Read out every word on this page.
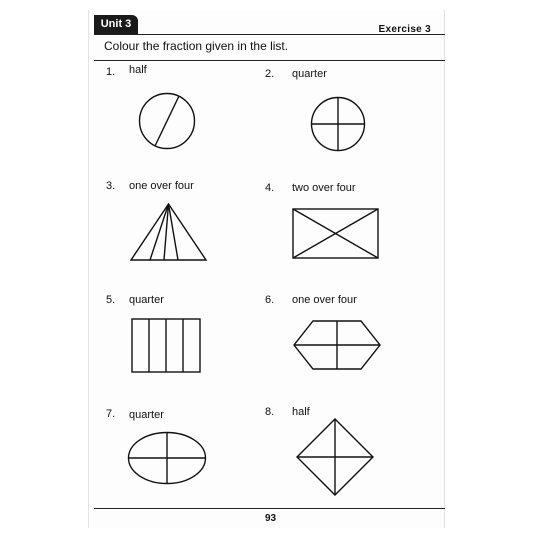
Unit 3	Exercise 3
Colour the fraction given in the list.
1. half	2. quarter
3. one over four	4. two over four
5. quarter	6. one over four
7. quarter	8. half
93
